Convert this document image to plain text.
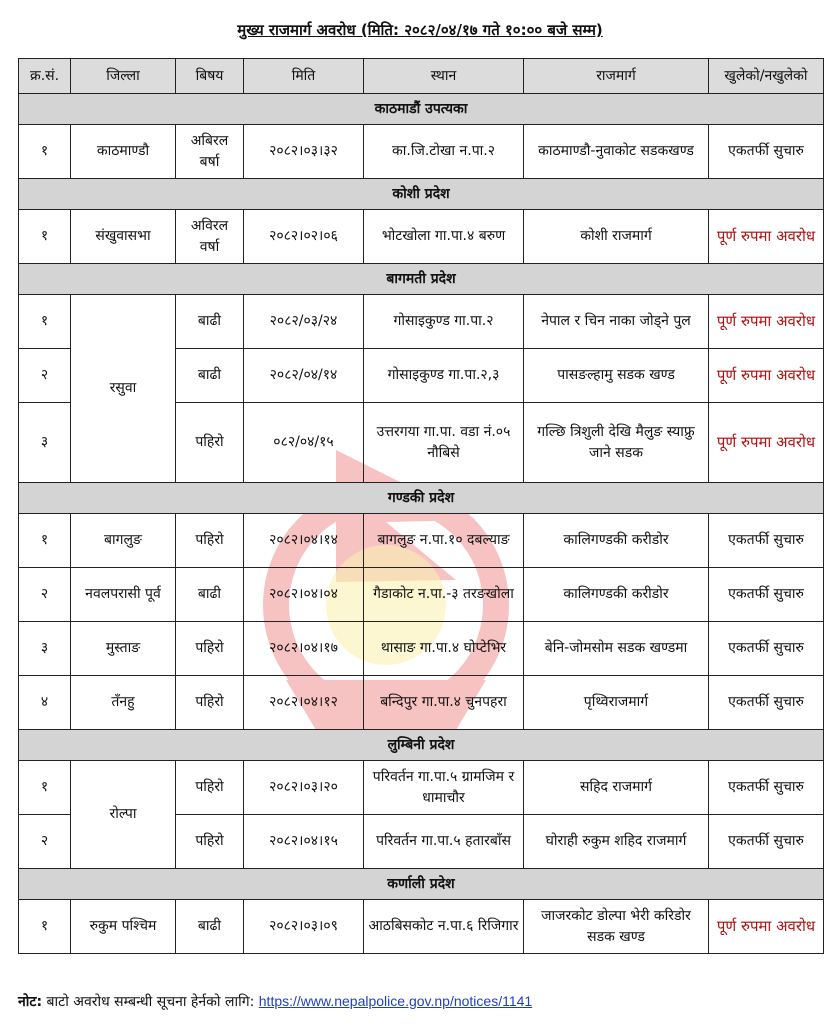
मुख्य राजमार्ग अवरोध (मिति: २०८२/०४/१७ गते १०:०० बजे सम्म)
क्र.सं.	जिल्ला	बिषय	मिति	स्थान	राजमार्ग	खुलेको/नखुलेको
काठमाडौं उपत्यका						
१	काठमाण्डौ	अबिरल बर्षा	२०८२।०३।३२	का.जि.टोखा न.पा.२	काठमाण्डौ-नुवाकोट सडकखण्ड	एकतर्फी सुचारु
कोशी प्रदेश						
१	संखुवासभा	अविरल वर्षा	२०८२।०२।०६	भोटखोला गा.पा.४ बरुण	कोशी राजमार्ग	पूर्ण रुपमा अवरोध
बागमती प्रदेश						
१	रसुवा	बाढी	२०८२/०३/२४	गोसाइकुण्ड गा.पा.२	नेपाल र चिन नाका जोड्ने पुल	पूर्ण रुपमा अवरोध
२		बाढी	२०८२/०४/१४	गोसाइकुण्ड गा.पा.२,३	पासङल्हामु सडक खण्ड	पूर्ण रुपमा अवरोध
३		पहिरो	०८२/०४/१५	उत्तरगया गा.पा. वडा नं.०५ नौबिसे	गल्छि त्रिशुली देखि मैलुङ स्याफ्रु जाने सडक	पूर्ण रुपमा अवरोध
गण्डकी प्रदेश						
१	बागलुङ	पहिरो	२०८२।०४।१४	बागलुङ न.पा.१० दबल्याङ	कालिगण्डकी करीडोर	एकतर्फी सुचारु
२	नवलपरासी पूर्व	बाढी	२०८२।०४।०४	गैडाकोट न.पा.-३ तरङखोला	कालिगण्डकी करीडोर	एकतर्फी सुचारु
३	मुस्ताङ	पहिरो	२०८२।०४।१७	थासाङ गा.पा.४ घोप्टेभिर	बेनि-जोमसोम सडक खण्डमा	एकतर्फी सुचारु
४	तँनहु	पहिरो	२०८२।०४।१२	बन्दिपुर गा.पा.४ चुनपहरा	पृथ्विराजमार्ग	एकतर्फी सुचारु
लुम्बिनी प्रदेश						
१	रोल्पा	पहिरो	२०८२।०३।२०	परिवर्तन गा.पा.५ ग्रामजिम र धामाचौर	सहिद राजमार्ग	एकतर्फी सुचारु
२		पहिरो	२०८२।०४।१५	परिवर्तन गा.पा.५ हतारबाँस	घोराही रुकुम शहिद राजमार्ग	एकतर्फी सुचारु
कर्णाली प्रदेश						
१	रुकुम पश्चिम	बाढी	२०८२।०३।०९	आठबिसकोट न.पा.६ रिजिगार	जाजरकोट डोल्पा भेरी करिडोर सडक खण्ड	पूर्ण रुपमा अवरोध
नोट: बाटो अवरोध सम्बन्धी सूचना हेर्नको लागि: https://www.nepalpolice.gov.np/notices/1141
